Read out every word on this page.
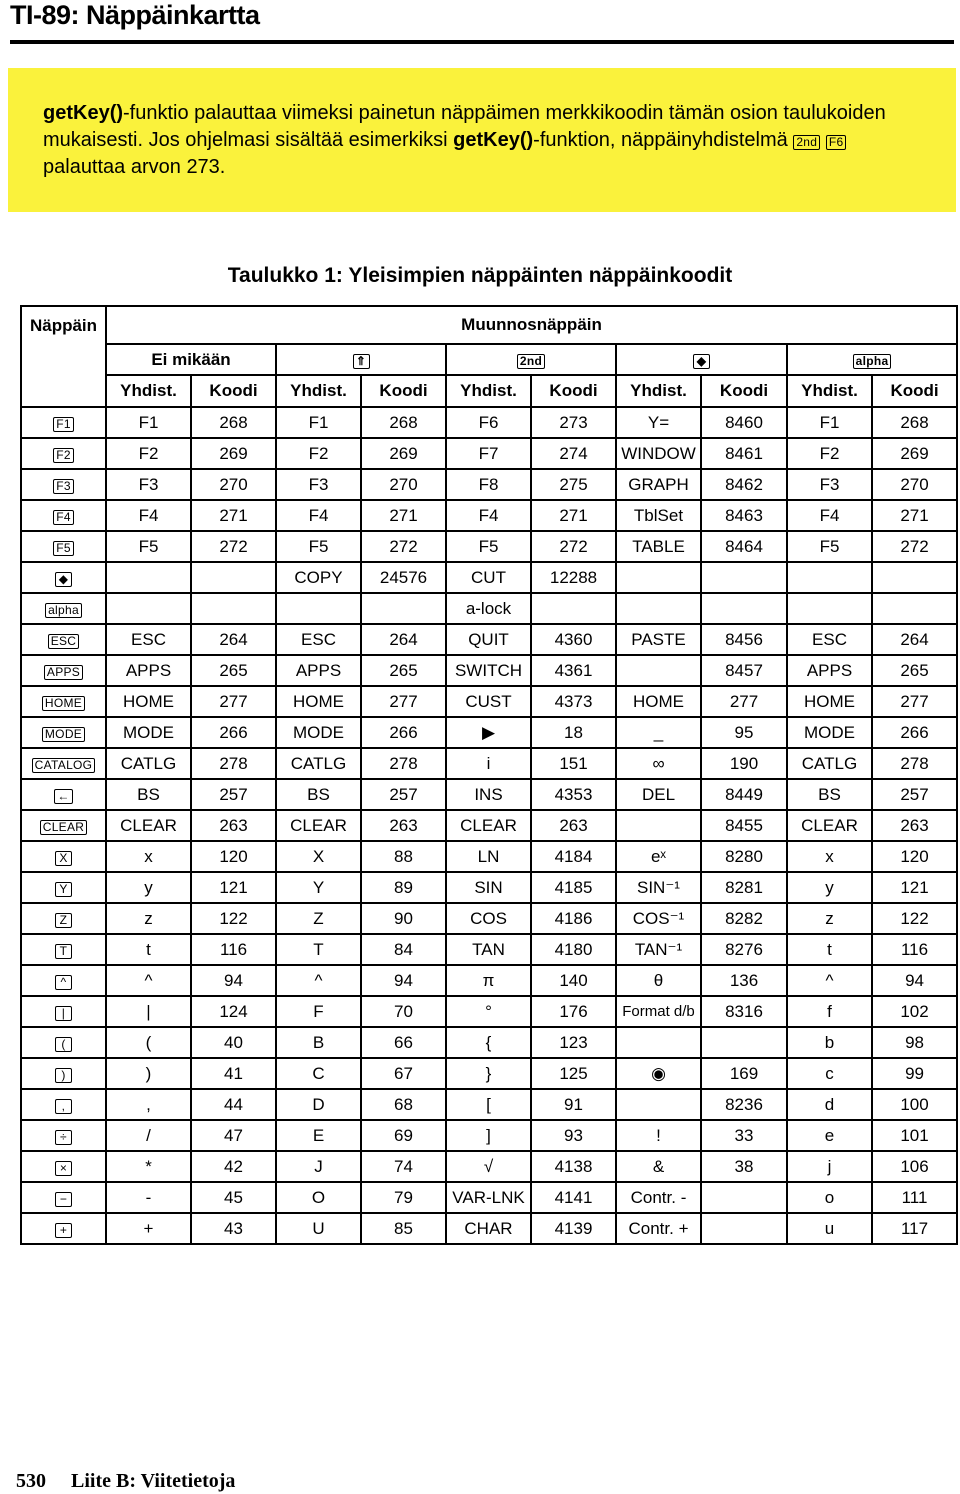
TI-89: Näppäinkartta
getKey()-funktio palauttaa viimeksi painetun näppäimen merkkikoodin tämän osion taulukoiden mukaisesti. Jos ohjelmasi sisältää esimerkiksi getKey()-funktion, näppäinyhdistelmä 2nd F6 palauttaa arvon 273.
Taulukko 1: Yleisimpien näppäinten näppäinkoodit
Näppäin	Muunnosnäppäin									
	Ei mikään		⇑		2nd		◆		alpha	
	Yhdist.	Koodi	Yhdist.	Koodi	Yhdist.	Koodi	Yhdist.	Koodi	Yhdist.	Koodi
F1	F1	268	F1	268	F6	273	Y=	8460	F1	268
F2	F2	269	F2	269	F7	274	WINDOW	8461	F2	269
F3	F3	270	F3	270	F8	275	GRAPH	8462	F3	270
F4	F4	271	F4	271	F4	271	TblSet	8463	F4	271
F5	F5	272	F5	272	F5	272	TABLE	8464	F5	272
◆			COPY	24576	CUT	12288				
alpha					a-lock					
ESC	ESC	264	ESC	264	QUIT	4360	PASTE	8456	ESC	264
APPS	APPS	265	APPS	265	SWITCH	4361		8457	APPS	265
HOME	HOME	277	HOME	277	CUST	4373	HOME	277	HOME	277
MODE	MODE	266	MODE	266	▶	18	_	95	MODE	266
CATALOG	CATLG	278	CATLG	278	i	151	∞	190	CATLG	278
←	BS	257	BS	257	INS	4353	DEL	8449	BS	257
CLEAR	CLEAR	263	CLEAR	263	CLEAR	263		8455	CLEAR	263
X	x	120	X	88	LN	4184	eˣ	8280	x	120
Y	y	121	Y	89	SIN	4185	SIN⁻¹	8281	y	121
Z	z	122	Z	90	COS	4186	COS⁻¹	8282	z	122
T	t	116	T	84	TAN	4180	TAN⁻¹	8276	t	116
^	^	94	^	94	π	140	θ	136	^	94
|	|	124	F	70	°	176	Format d/b	8316	f	102
(	(	40	B	66	{	123			b	98
)	)	41	C	67	}	125	◉	169	c	99
,	,	44	D	68	[	91		8236	d	100
÷	/	47	E	69	]	93	!	33	e	101
×	*	42	J	74	√	4138	&	38	j	106
−	-	45	O	79	VAR-LNK	4141	Contr. -		o	111
+	+	43	U	85	CHAR	4139	Contr. +		u	117
530 Liite B: Viitetietoja
